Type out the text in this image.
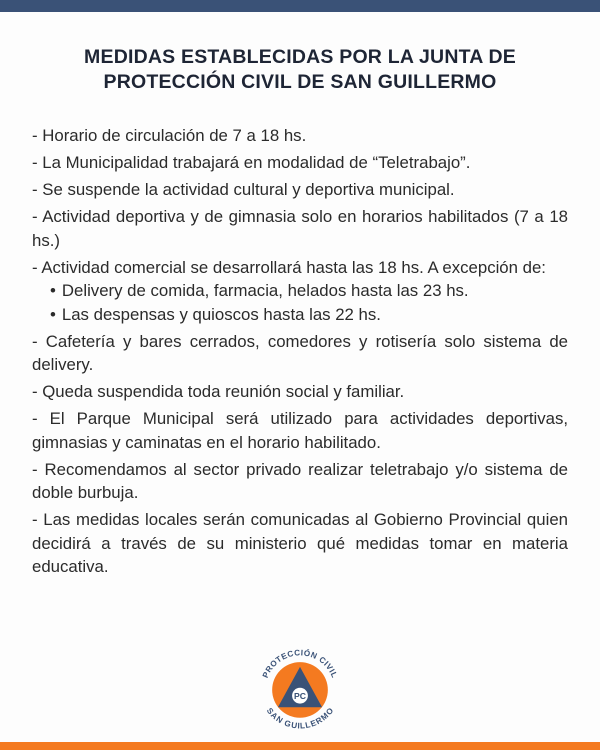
MEDIDAS ESTABLECIDAS POR LA JUNTA DE
PROTECCIÓN CIVIL DE SAN GUILLERMO

- Horario de circulación de 7 a 18 hs.

- La Municipalidad trabajará en modalidad de “Teletrabajo”.

- Se suspende la actividad cultural y deportiva municipal.

- Actividad deportiva y de gimnasia solo en horarios habilitados (7 a 18 hs.)

- Actividad comercial se desarrollará hasta las 18 hs. A excepción de:

• Delivery de comida, farmacia, helados hasta las 23 hs.

• Las despensas y quioscos hasta las 22 hs.

- Cafetería y bares cerrados, comedores y rotisería solo sistema de delivery.

- Queda suspendida toda reunión social y familiar.

- El Parque Municipal será utilizado para actividades deportivas, gimnasias y caminatas en el horario habilitado.

- Recomendamos al sector privado realizar teletrabajo y/o sistema de doble burbuja.

- Las medidas locales serán comunicadas al Gobierno Provincial quien decidirá a través de su ministerio qué medidas tomar en materia educativa.

PC
PROTECCIÓN CIVIL
SAN GUILLERMO
